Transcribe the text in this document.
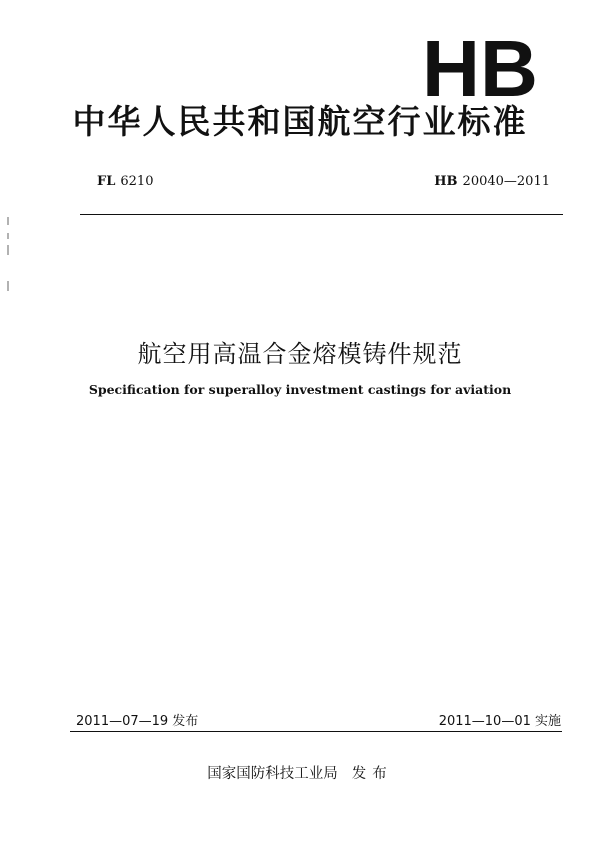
HB
中华人民共和国航空行业标准
FL 6210	HB 20040—2011
航空用高温合金熔模铸件规范
Specification for superalloy investment castings for aviation
2011—07—19 发布	2011—10—01 实施
国家国防科技工业局 发布
